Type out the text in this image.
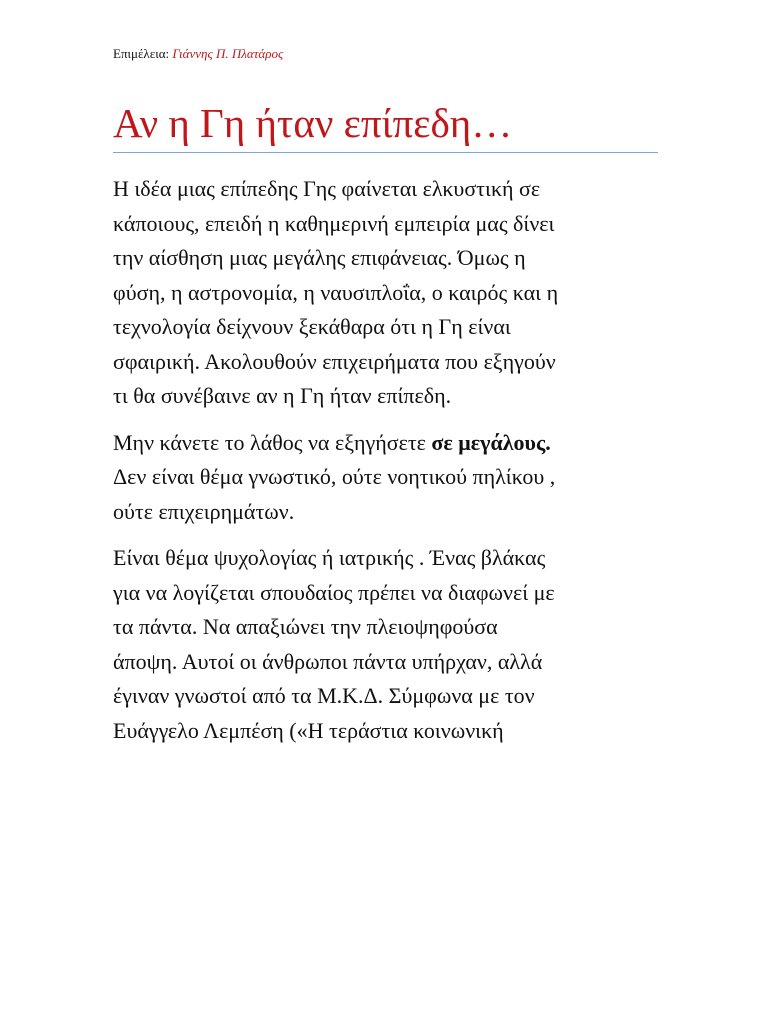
Επιμέλεια: Γιάννης Π. Πλατάρος
Αν η Γη ήταν επίπεδη…

Η ιδέα μιας επίπεδης Γης φαίνεται ελκυστική σε
κάποιους, επειδή η καθημερινή εμπειρία μας δίνει
την αίσθηση μιας μεγάλης επιφάνειας. Όμως η
φύση, η αστρονομία, η ναυσιπλοΐα, ο καιρός και η
τεχνολογία δείχνουν ξεκάθαρα ότι η Γη είναι
σφαιρική. Ακολουθούν επιχειρήματα που εξηγούν
τι θα συνέβαινε αν η Γη ήταν επίπεδη.

Μην κάνετε το λάθος να εξηγήσετε σε μεγάλους.
Δεν είναι θέμα γνωστικό, ούτε νοητικού πηλίκου ,
ούτε επιχειρημάτων.

Είναι θέμα ψυχολογίας ή ιατρικής . Ένας βλάκας
για να λογίζεται σπουδαίος πρέπει να διαφωνεί με
τα πάντα. Να απαξιώνει την πλειοψηφούσα
άποψη. Αυτοί οι άνθρωποι πάντα υπήρχαν, αλλά
έγιναν γνωστοί από τα Μ.Κ.Δ. Σύμφωνα με τον
Ευάγγελο Λεμπέση («Η τεράστια κοινωνική
